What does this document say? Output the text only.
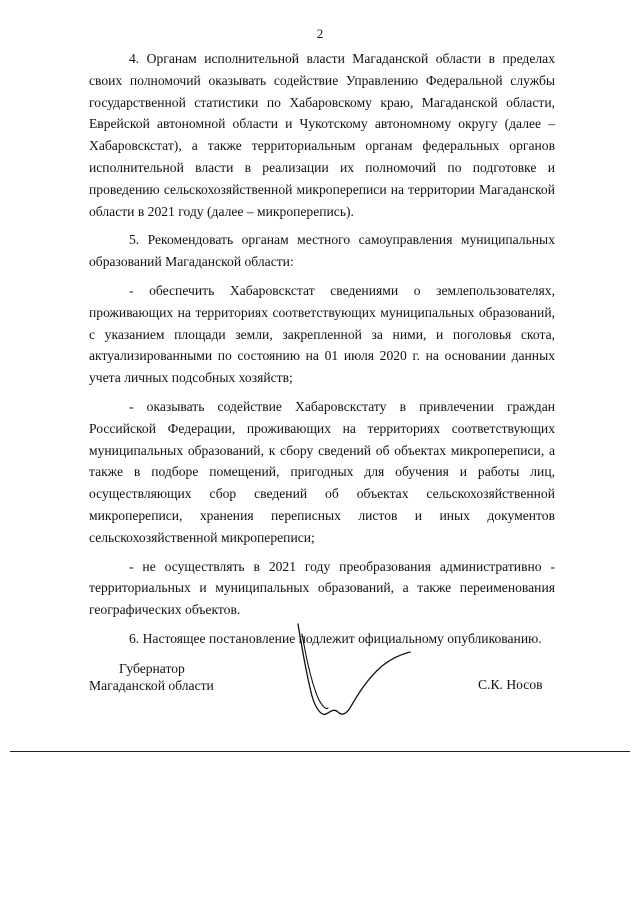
2

4. Органам исполнительной власти Магаданской области в пределах своих полномочий оказывать содействие Управлению Федеральной службы государственной статистики по Хабаровскому краю, Магаданской области, Еврейской автономной области и Чукотскому автономному округу (далее – Хабаровскстат), а также территориальным органам федеральных органов исполнительной власти в реализации их полномочий по подготовке и проведению сельскохозяйственной микропереписи на территории Магаданской области в 2021 году (далее – микроперепись).

5. Рекомендовать органам местного самоуправления муниципальных образований Магаданской области:

- обеспечить Хабаровскстат сведениями о землепользователях, проживающих на территориях соответствующих муниципальных образований, с указанием площади земли, закрепленной за ними, и поголовья скота, актуализированными по состоянию на 01 июля 2020 г. на основании данных учета личных подсобных хозяйств;

- оказывать содействие Хабаровскстату в привлечении граждан Российской Федерации, проживающих на территориях соответствующих муниципальных образований, к сбору сведений об объектах микропереписи, а также в подборе помещений, пригодных для обучения и работы лиц, осуществляющих сбор сведений об объектах сельскохозяйственной микропереписи, хранения переписных листов и иных документов сельскохозяйственной микропереписи;

- не осуществлять в 2021 году преобразования административно - территориальных и муниципальных образований, а также переименования географических объектов.

6. Настоящее постановление подлежит официальному опубликованию.

Губернатор
Магаданской области	С.К. Носов
